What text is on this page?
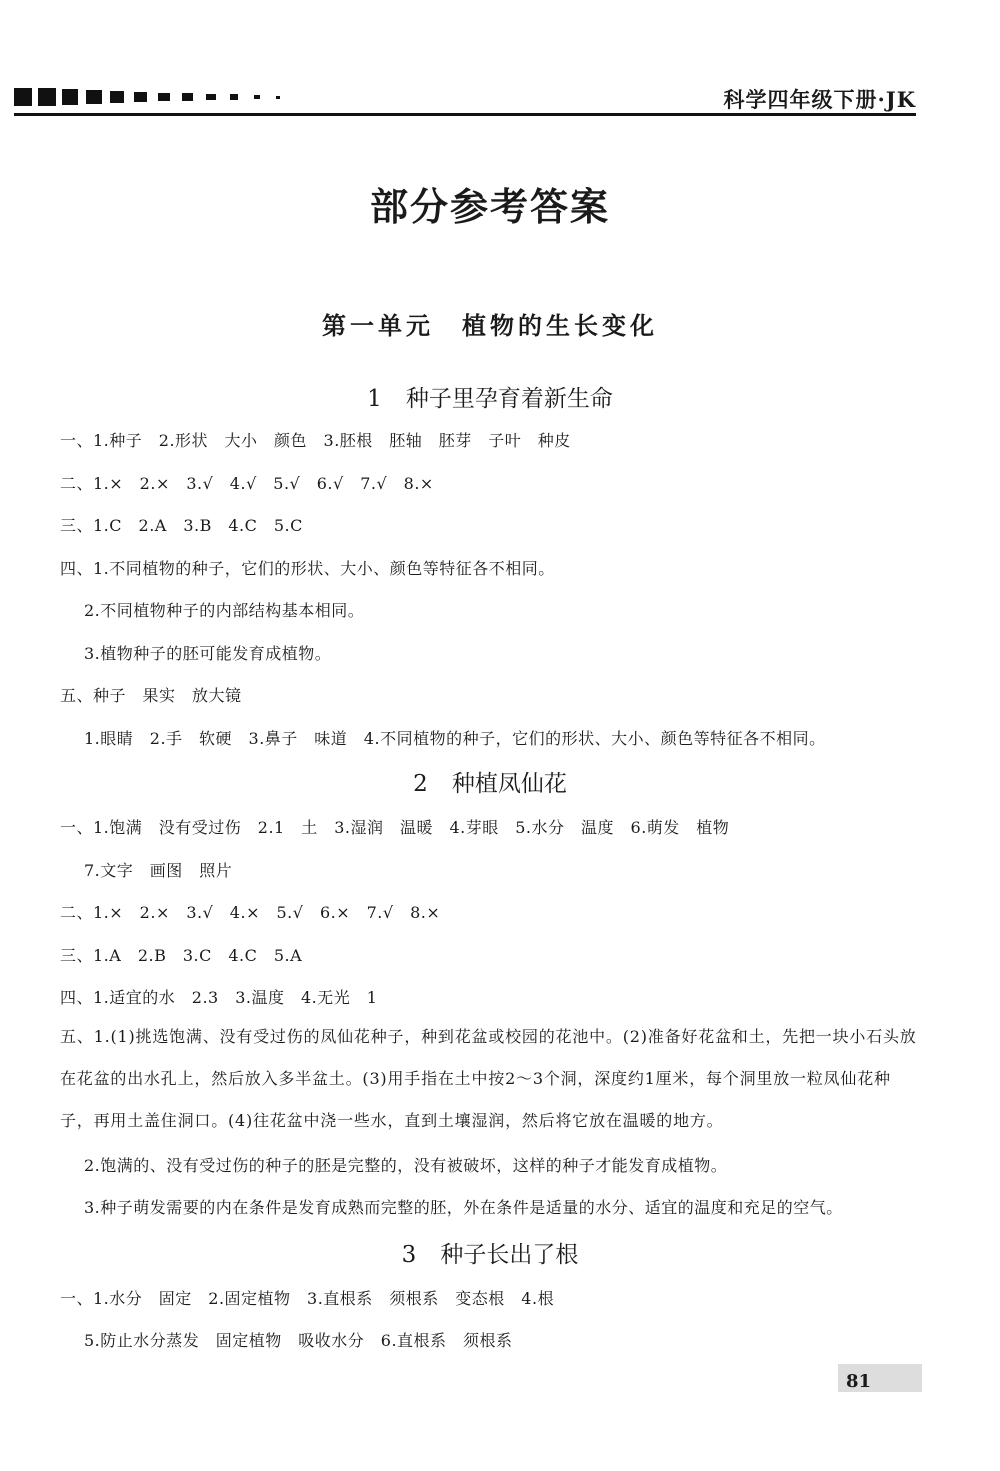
科学四年级下册·JK
部分参考答案
第一单元　植物的生长变化
1 种子里孕育着新生命
一、1.种子　2.形状　大小　颜色　3.胚根　胚轴　胚芽　子叶　种皮
二、1.×　2.×　3.√　4.√　5.√　6.√　7.√　8.×
三、1.C　2.A　3.B　4.C　5.C
四、1.不同植物的种子，它们的形状、大小、颜色等特征各不相同。
2.不同植物种子的内部结构基本相同。
3.植物种子的胚可能发育成植物。
五、种子　果实　放大镜
1.眼睛　2.手　软硬　3.鼻子　味道　4.不同植物的种子，它们的形状、大小、颜色等特征各不相同。
2 种植凤仙花
一、1.饱满　没有受过伤　2.1　土　3.湿润　温暖　4.芽眼　5.水分　温度　6.萌发　植物
7.文字　画图　照片
二、1.×　2.×　3.√　4.×　5.√　6.×　7.√　8.×
三、1.A　2.B　3.C　4.C　5.A
四、1.适宜的水　2.3　3.温度　4.无光　1
五、1.(1)挑选饱满、没有受过伤的凤仙花种子，种到花盆或校园的花池中。(2)准备好花盆和土，先把一块小石头放在花盆的出水孔上，然后放入多半盆土。(3)用手指在土中按2～3个洞，深度约1厘米，每个洞里放一粒凤仙花种子，再用土盖住洞口。(4)往花盆中浇一些水，直到土壤湿润，然后将它放在温暖的地方。
2.饱满的、没有受过伤的种子的胚是完整的，没有被破坏，这样的种子才能发育成植物。
3.种子萌发需要的内在条件是发育成熟而完整的胚，外在条件是适量的水分、适宜的温度和充足的空气。
3 种子长出了根
一、1.水分　固定　2.固定植物　3.直根系　须根系　变态根　4.根
5.防止水分蒸发　固定植物　吸收水分　6.直根系　须根系
81
